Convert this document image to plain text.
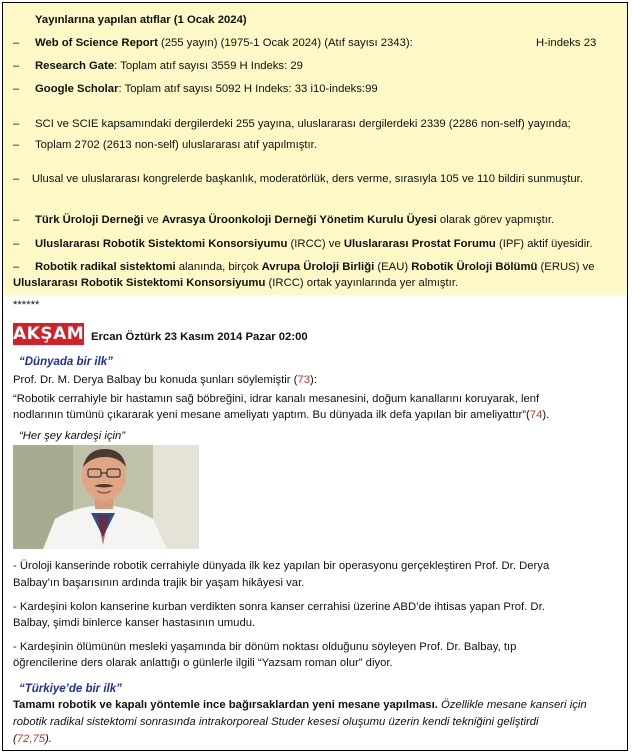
Yayınlarına yapılan atıflar (1 Ocak 2024)
– Web of Science Report (255 yayın) (1975-1 Ocak 2024) (Atıf sayısı 2343):	H-indeks 23
– Research Gate: Toplam atıf sayısı 3559 H Indeks: 29
– Google Scholar: Toplam atıf sayısı 5092 H Indeks: 33 i10-indeks:99
– SCI ve SCIE kapsamındaki dergilerdeki 255 yayına, uluslararası dergilerdeki 2339 (2286 non-self) yayında;
– Toplam 2702 (2613 non-self) uluslararası atıf yapılmıştır.
–    Ulusal ve uluslararası kongrelerde başkanlık, moderatörlük, ders verme, sırasıyla 105 ve 110 bildiri sunmuştur.
– Türk Üroloji Derneği ve Avrasya Üroonkoloji Derneği Yönetim Kurulu Üyesi olarak görev yapmıştır.
– Uluslararası Robotik Sistektomi Konsorsiyumu (IRCC) ve Uluslararası Prostat Forumu (IPF) aktif üyesidir.
– Robotik radikal sistektomi alanında, birçok Avrupa Üroloji Birliği (EAU) Robotik Üroloji Bölümü (ERUS) ve
Uluslararası Robotik Sistektomi Konsorsiyumu (IRCC) ortak yayınlarında yer almıştır.
******
AKŞAM Ercan Öztürk 23 Kasım 2014 Pazar 02:00
“Dünyada bir ilk”
Prof. Dr. M. Derya Balbay bu konuda şunları söylemiştir (73):
“Robotik cerrahiyle bir hastamın sağ böbreğini, idrar kanalı mesanesini, doğum kanallarını koruyarak, lenf
nodlarının tümünü çıkararak yeni mesane ameliyatı yaptım. Bu dünyada ilk defa yapılan bir ameliyattır”(74).
“Her şey kardeşi için”
- Üroloji kanserinde robotik cerrahiyle dünyada ilk kez yapılan bir operasyonu gerçekleştiren Prof. Dr. Derya
Balbay’ın başarısının ardında trajik bir yaşam hikâyesi var.
- Kardeşini kolon kanserine kurban verdikten sonra kanser cerrahisi üzerine ABD’de ihtisas yapan Prof. Dr.
Balbay, şimdi binlerce kanser hastasının umudu.
- Kardeşinin ölümünün mesleki yaşamında bir dönüm noktası olduğunu söyleyen Prof. Dr. Balbay, tıp
öğrencilerine ders olarak anlattığı o günlerle ilgili “Yazsam roman olur” diyor.
“Türkiye’de bir ilk”
Tamamı robotik ve kapalı yöntemle ince bağırsaklardan yeni mesane yapılması. Özellikle mesane kanseri için
robotik radikal sistektomi sonrasında intrakorporeal Studer kesesi oluşumu üzerin kendi tekniğini geliştirdi
(72,75).
